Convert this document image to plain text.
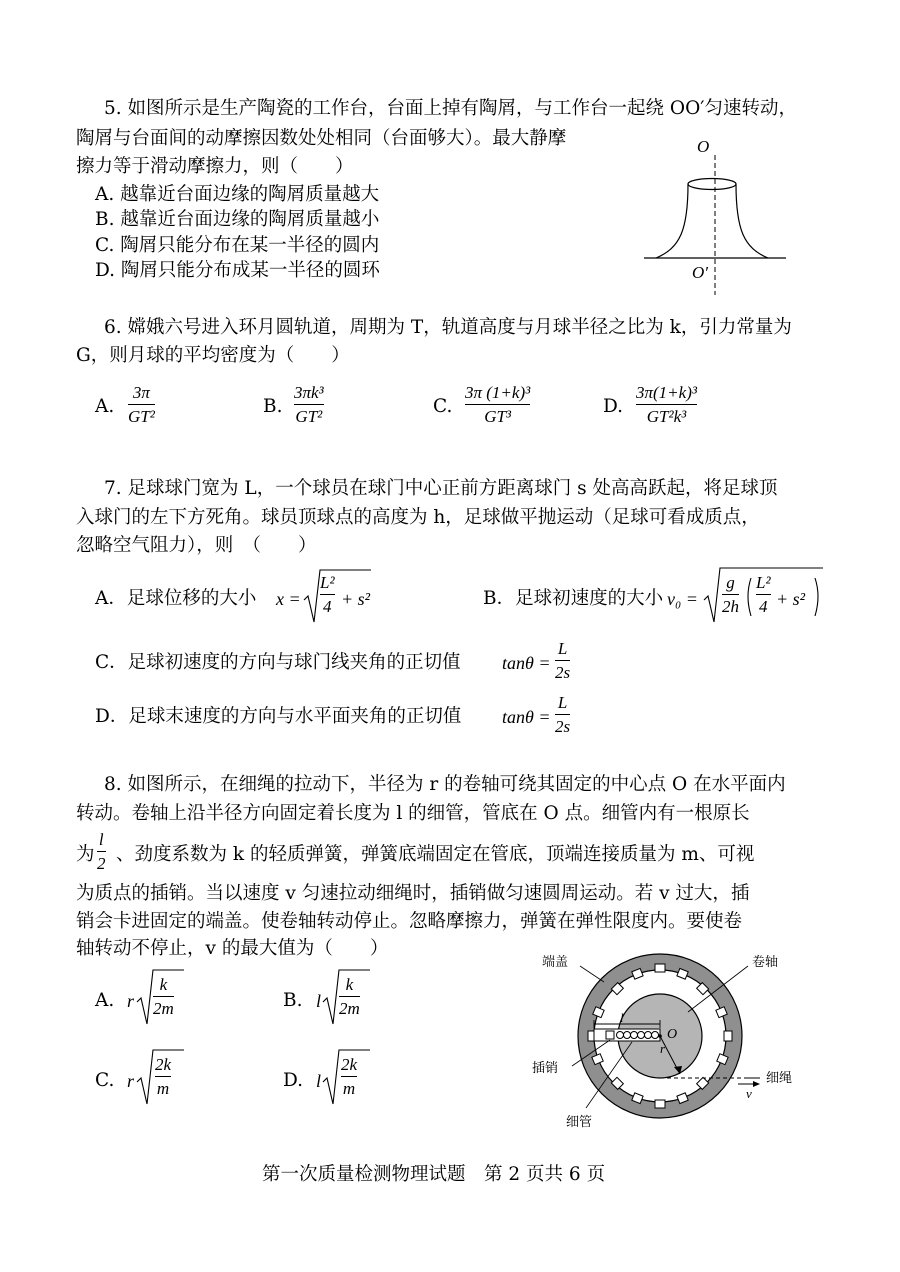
5. 如图所示是生产陶瓷的工作台，台面上掉有陶屑，与工作台一起绕 OO′匀速转动，
陶屑与台面间的动摩擦因数处处相同（台面够大）。最大静摩
擦力等于滑动摩擦力，则（　　）
A. 越靠近台面边缘的陶屑质量越大
B. 越靠近台面边缘的陶屑质量越小
C. 陶屑只能分布在某一半径的圆内
D. 陶屑只能分布成某一半径的圆环
O
O′
6. 嫦娥六号进入环月圆轨道，周期为 T，轨道高度与月球半径之比为 k，引力常量为
G，则月球的平均密度为（　　）
A.
3π
GT²	B.
3πk³
GT²	C.
3π (1+k)³
GT³	D.
3π(1+k)³
GT²k³
7. 足球球门宽为 L，一个球员在球门中心正前方距离球门 s 处高高跃起，将足球顶
入球门的左下方死角。球员顶球点的高度为 h，足球做平抛运动（足球可看成质点，
忽略空气阻力），则　（　　）
A．足球位移的大小 x =
L²
4 + s²	B．足球初速度的大小 v₀ =
g
2h
L²
4 + s²
C．足球初速度的方向与球门线夹角的正切值 tanθ =
L
2s
D．足球末速度的方向与水平面夹角的正切值 tanθ =
L
2s
8. 如图所示，在细绳的拉动下，半径为 r 的卷轴可绕其固定的中心点 O 在水平面内
转动。卷轴上沿半径方向固定着长度为 l 的细管，管底在 O 点。细管内有一根原长
为
l
2 、劲度系数为 k 的轻质弹簧，弹簧底端固定在管底，顶端连接质量为 m、可视
为质点的插销。当以速度 v 匀速拉动细绳时，插销做匀速圆周运动。若 v 过大，插
销会卡进固定的端盖。使卷轴转动停止。忽略摩擦力，弹簧在弹性限度内。要使卷
轴转动不停止，v 的最大值为（　　）
A. r
k
2m	B. l
k
2m
C. r
2k
m	D. l
2k
m
l
O
r
v
端盖	卷轴
插销
细绳
细管
第一次质量检测物理试题　第 2 页共 6 页
